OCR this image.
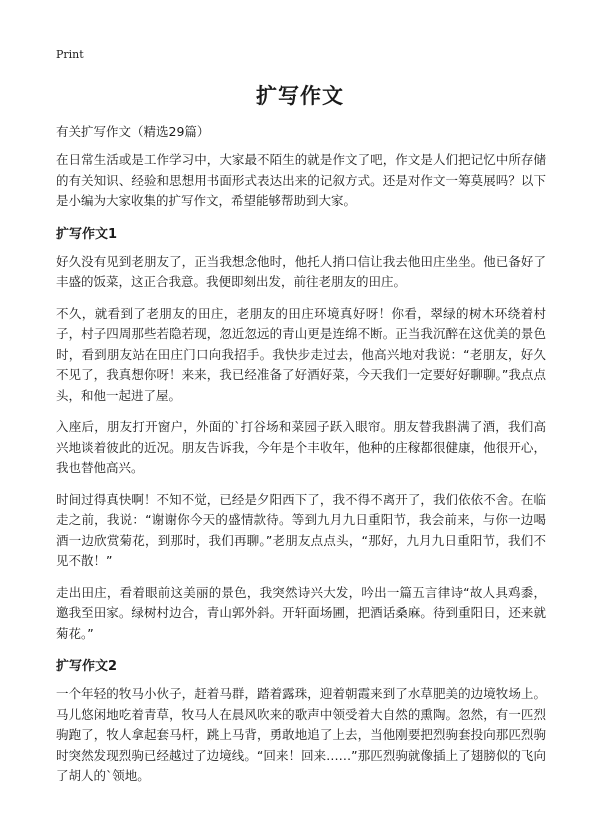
Print
扩写作文

有关扩写作文（精选29篇）

在日常生活或是工作学习中，大家最不陌生的就是作文了吧，作文是人们把记忆中所存储的有关知识、经验和思想用书面形式表达出来的记叙方式。还是对作文一筹莫展吗？以下是小编为大家收集的扩写作文，希望能够帮助到大家。

扩写作文1

好久没有见到老朋友了，正当我想念他时，他托人捎口信让我去他田庄坐坐。他已备好了丰盛的饭菜，这正合我意。我便即刻出发，前往老朋友的田庄。

不久，就看到了老朋友的田庄，老朋友的田庄环境真好呀！你看，翠绿的树木环绕着村子，村子四周那些若隐若现，忽近忽远的青山更是连绵不断。正当我沉醉在这优美的景色时，看到朋友站在田庄门口向我招手。我快步走过去，他高兴地对我说：“老朋友，好久不见了，我真想你呀！来来，我已经准备了好酒好菜，今天我们一定要好好聊聊。”我点点头，和他一起进了屋。

入座后，朋友打开窗户，外面的`打谷场和菜园子跃入眼帘。朋友替我斟满了酒，我们高兴地谈着彼此的近况。朋友告诉我，今年是个丰收年，他种的庄稼都很健康，他很开心，我也替他高兴。

时间过得真快啊！不知不觉，已经是夕阳西下了，我不得不离开了，我们依依不舍。在临走之前，我说：“谢谢你今天的盛情款待。等到九月九日重阳节，我会前来，与你一边喝酒一边欣赏菊花，到那时，我们再聊。”老朋友点点头，“那好，九月九日重阳节，我们不见不散！”

走出田庄，看着眼前这美丽的景色，我突然诗兴大发，吟出一篇五言律诗“故人具鸡黍，邀我至田家。绿树村边合，青山郭外斜。开轩面场圃，把酒话桑麻。待到重阳日，还来就菊花。”

扩写作文2

一个年轻的牧马小伙子，赶着马群，踏着露珠，迎着朝霞来到了水草肥美的边境牧场上。马儿悠闲地吃着青草，牧马人在晨风吹来的歌声中领受着大自然的熏陶。忽然，有一匹烈驹跑了，牧人拿起套马杆，跳上马背，勇敢地追了上去，当他刚要把烈驹套投向那匹烈驹时突然发现烈驹已经越过了边境线。“回来！回来……”那匹烈驹就像插上了翅膀似的飞向了胡人的`领地。
